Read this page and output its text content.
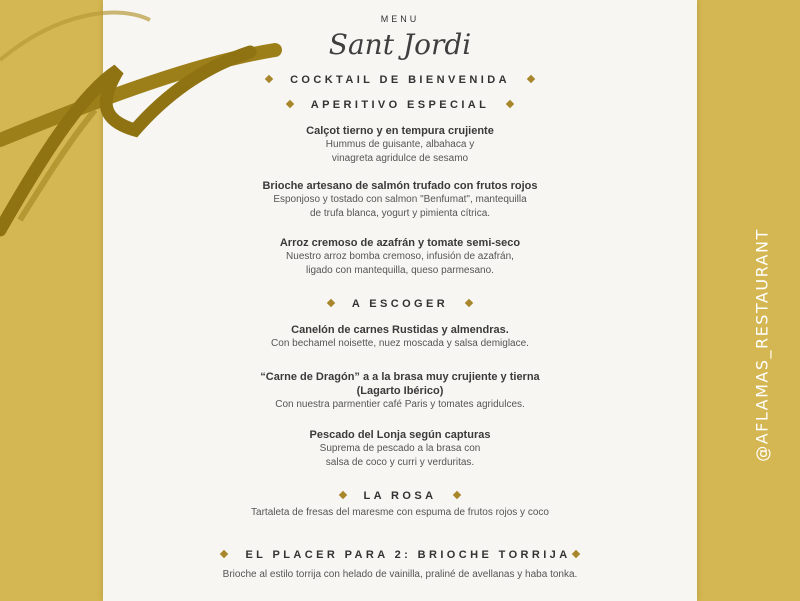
@AFLAMAS_RESTAURANT
MENU
Sant Jordi
COCKTAIL DE BIENVENIDA
APERITIVO ESPECIAL
Calçot tierno y en tempura crujiente
Hummus de guisante, albahaca y
vinagreta agridulce de sesamo
Brioche artesano de salmón trufado con frutos rojos
Esponjoso y tostado con salmon "Benfumat", mantequilla
de trufa blanca, yogurt y pimienta cítrica.
Arroz cremoso de azafrán y tomate semi-seco
Nuestro arroz bomba cremoso, infusión de azafrán,
ligado con mantequilla, queso parmesano.
A ESCOGER
Canelón de carnes Rustidas y almendras.
Con bechamel noisette, nuez moscada y salsa demiglace.
“Carne de Dragón” a a la brasa muy crujiente y tierna
(Lagarto Ibérico)
Con nuestra parmentier café Paris y tomates agridulces.
Pescado del Lonja según capturas
Suprema de pescado a la brasa con
salsa de coco y curri y verduritas.
LA ROSA
Tartaleta de fresas del maresme con espuma de frutos rojos y coco
EL PLACER PARA 2: BRIOCHE TORRIJA
Brioche al estilo torrija con helado de vainilla, praliné de avellanas y haba tonka.
